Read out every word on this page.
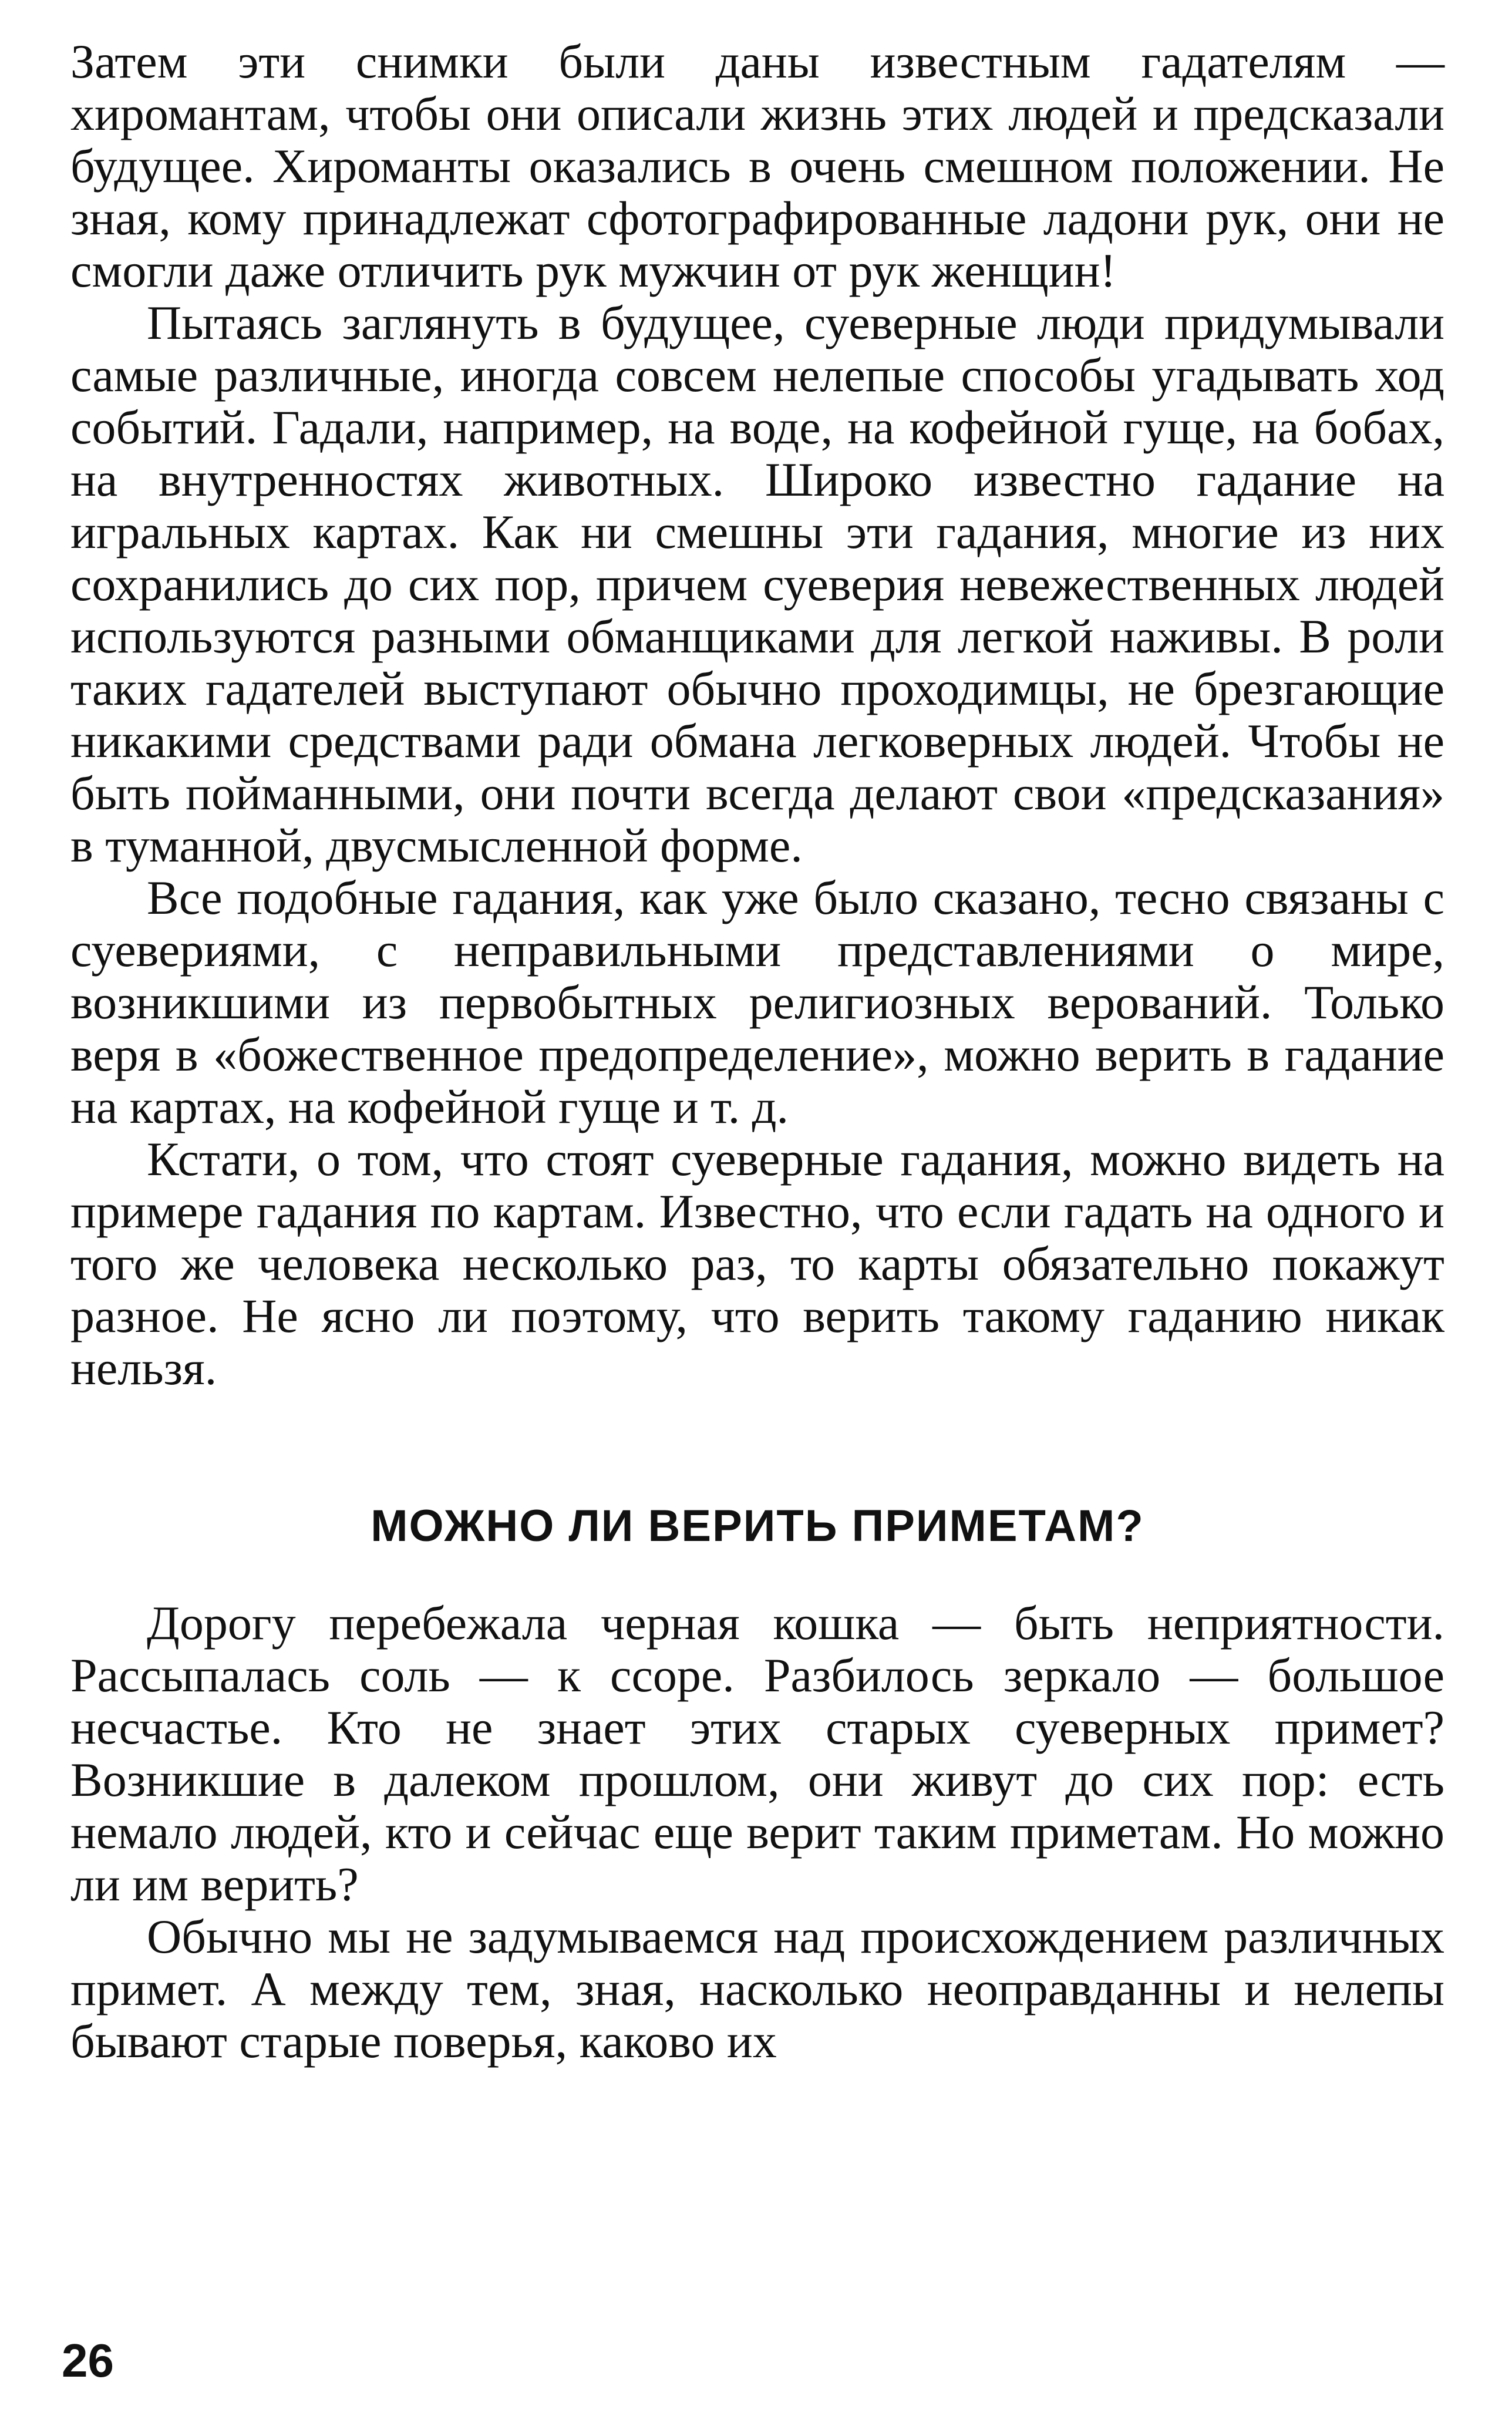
Затем эти снимки были даны известным гадателям — хиромантам, чтобы они описали жизнь этих людей и предсказали будущее. Хироманты оказались в очень смешном положении. Не зная, кому принадлежат сфотографированные ладони рук, они не смогли даже отличить рук мужчин от рук женщин!

Пытаясь заглянуть в будущее, суеверные люди придумывали самые различные, иногда совсем нелепые способы угадывать ход событий. Гадали, например, на воде, на кофейной гуще, на бобах, на внутренностях животных. Широко известно гадание на игральных картах. Как ни смешны эти гадания, многие из них сохранились до сих пор, причем суеверия невежественных людей используются разными обманщиками для легкой наживы. В роли таких гадателей выступают обычно проходимцы, не брезгающие никакими средствами ради обмана легковерных людей. Чтобы не быть пойманными, они почти всегда делают свои «предсказания» в туманной, двусмысленной форме.

Все подобные гадания, как уже было сказано, тесно связаны с суевериями, с неправильными представлениями о мире, возникшими из первобытных религиозных верований. Только веря в «божественное предопределение», можно верить в гадание на картах, на кофейной гуще и т. д.

Кстати, о том, что стоят суеверные гадания, можно видеть на примере гадания по картам. Известно, что если гадать на одного и того же человека несколько раз, то карты обязательно покажут разное. Не ясно ли поэтому, что верить такому гаданию никак нельзя.

МОЖНО ЛИ ВЕРИТЬ ПРИМЕТАМ?

Дорогу перебежала черная кошка — быть неприятности. Рассыпалась соль — к ссоре. Разбилось зеркало — большое несчастье. Кто не знает этих старых суеверных примет? Возникшие в далеком прошлом, они живут до сих пор: есть немало людей, кто и сейчас еще верит таким приметам. Но можно ли им верить?

Обычно мы не задумываемся над происхождением различных примет. А между тем, зная, насколько неоправданны и нелепы бывают старые поверья, каково их

26
